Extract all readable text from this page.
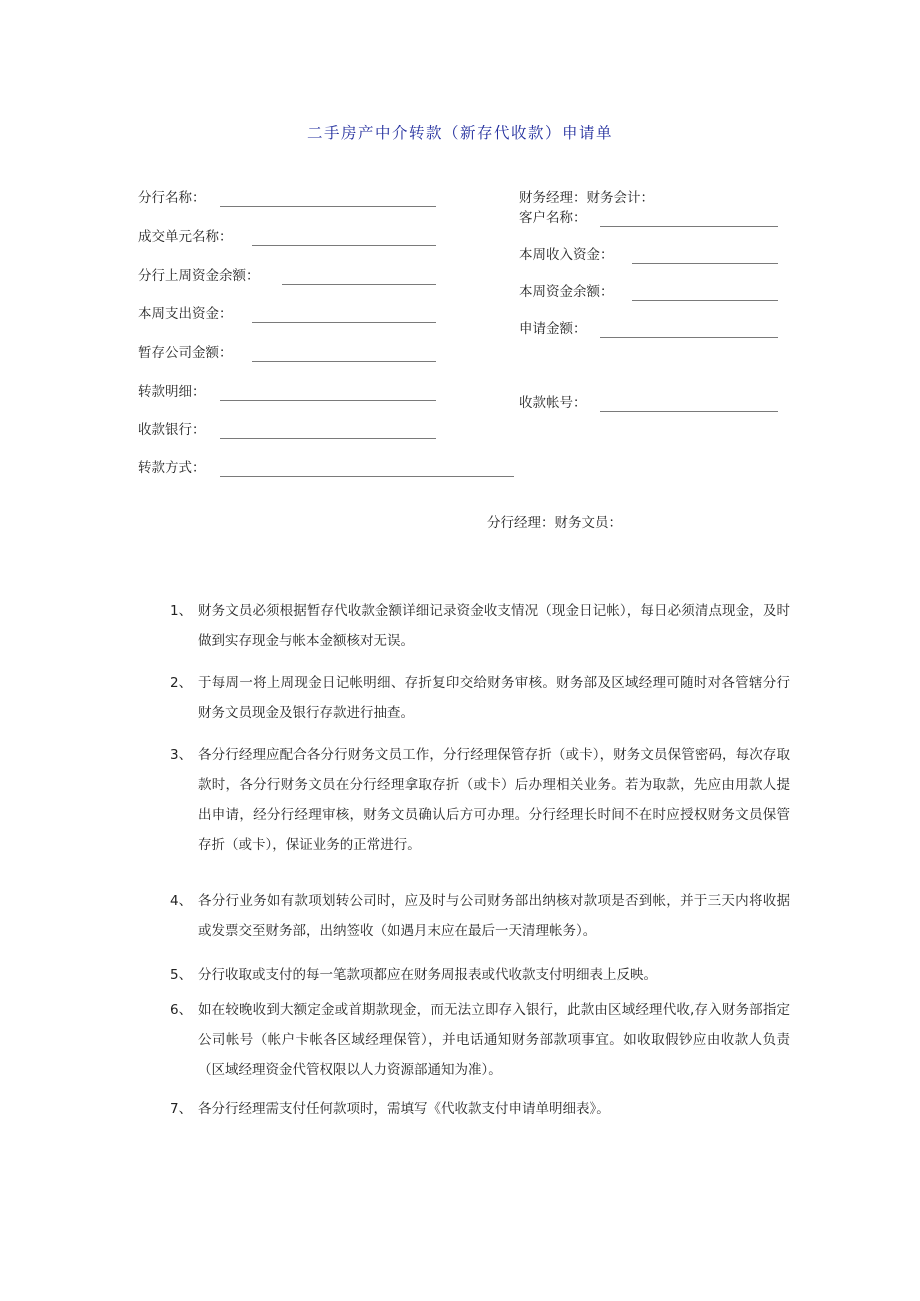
二手房产中介转款（新存代收款）申请单
分行名称：
成交单元名称：
分行上周资金余额：
本周支出资金：
暂存公司金额：
转款明细：
收款银行：
转款方式：
财务经理：财务会计：
客户名称：
本周收入资金：
本周资金余额：
申请金额：
收款帐号：
分行经理：财务文员：
1、 财务文员必须根据暂存代收款金额详细记录资金收支情况（现金日记帐），每日必须清点现金，及时做到实存现金与帐本金额核对无误。
2、 于每周一将上周现金日记帐明细、存折复印交给财务审核。财务部及区域经理可随时对各管辖分行财务文员现金及银行存款进行抽查。
3、 各分行经理应配合各分行财务文员工作，分行经理保管存折（或卡），财务文员保管密码，每次存取款时，各分行财务文员在分行经理拿取存折（或卡）后办理相关业务。若为取款，先应由用款人提出申请，经分行经理审核，财务文员确认后方可办理。分行经理长时间不在时应授权财务文员保管存折（或卡），保证业务的正常进行。
4、 各分行业务如有款项划转公司时，应及时与公司财务部出纳核对款项是否到帐，并于三天内将收据或发票交至财务部，出纳签收（如遇月末应在最后一天清理帐务）。
5、 分行收取或支付的每一笔款项都应在财务周报表或代收款支付明细表上反映。
6、 如在较晚收到大额定金或首期款现金，而无法立即存入银行，此款由区域经理代收,存入财务部指定公司帐号（帐户卡帐各区域经理保管），并电话通知财务部款项事宜。如收取假钞应由收款人负责（区域经理资金代管权限以人力资源部通知为准）。
7、 各分行经理需支付任何款项时，需填写《代收款支付申请单明细表》。
